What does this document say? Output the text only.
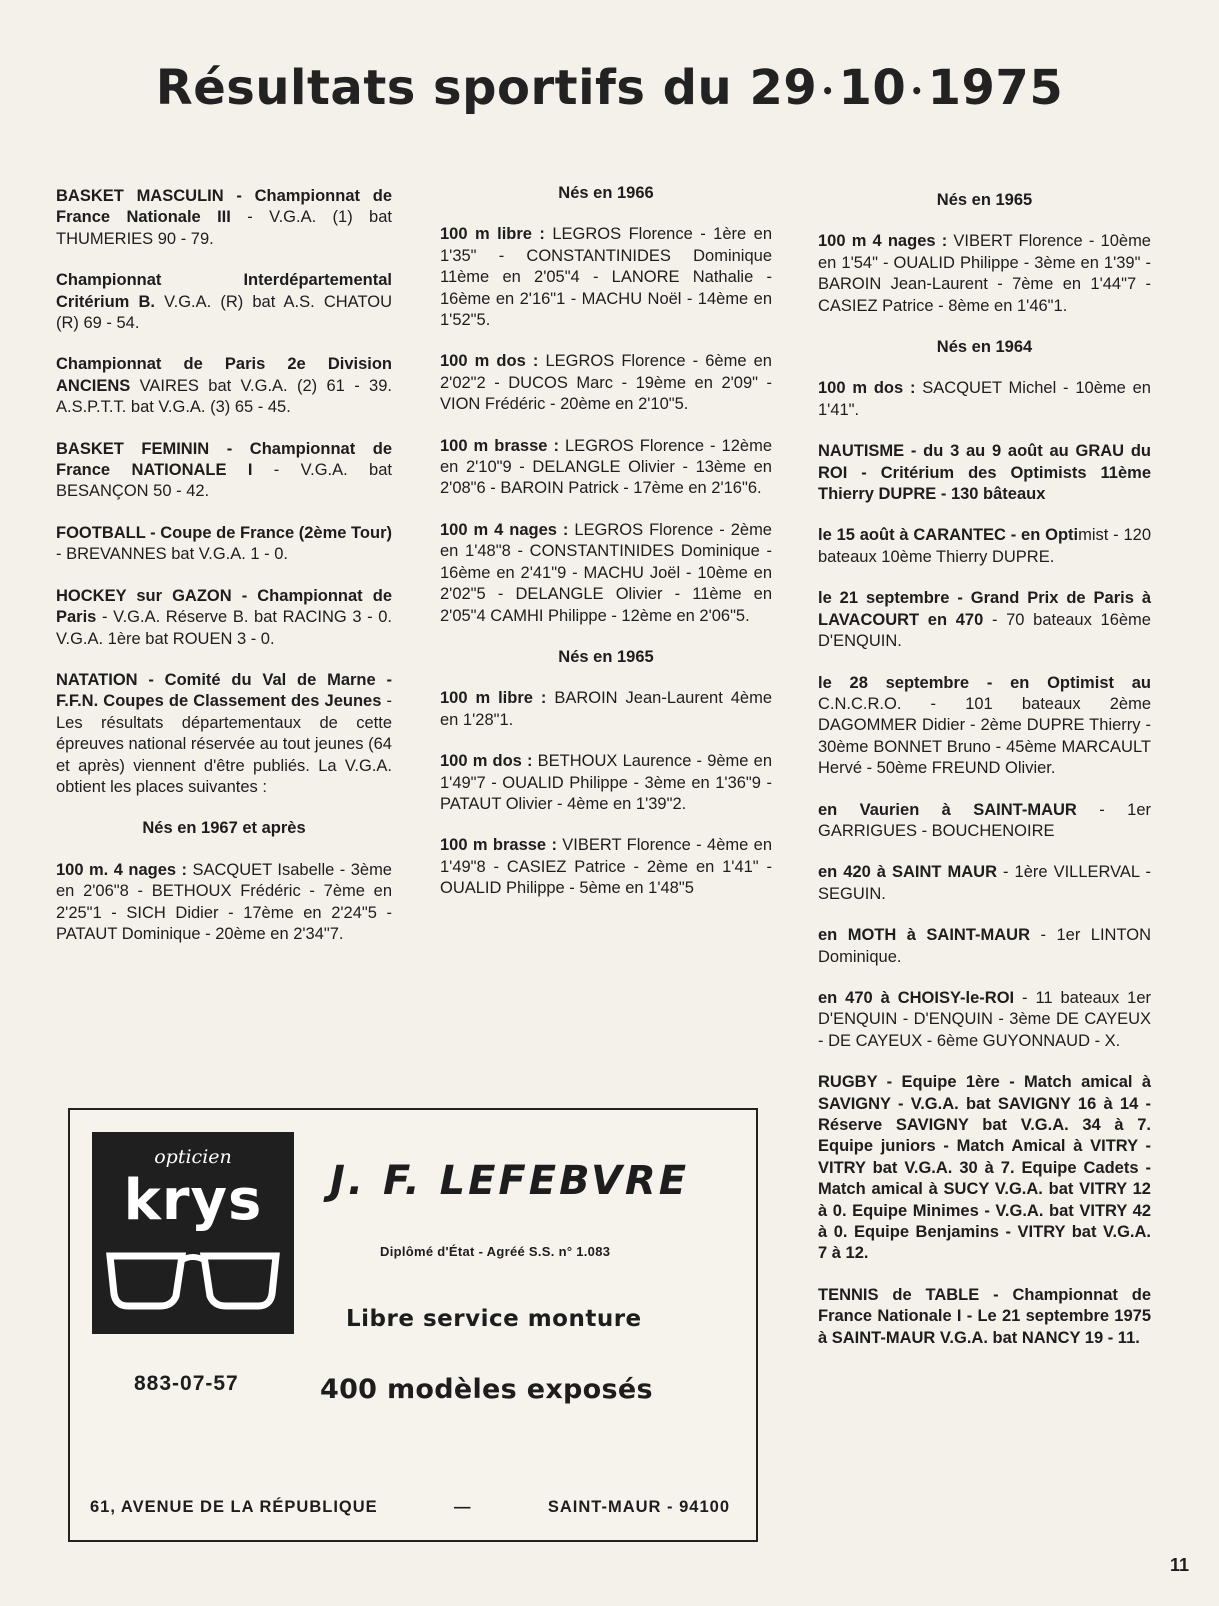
Résultats sportifs du 29 •10 •1975

BASKET MASCULIN - Championnat de France Nationale III - V.G.A. (1) bat THUMERIES 90 - 79.

Championnat Interdépartemental Critérium B. V.G.A. (R) bat A.S. CHATOU (R) 69 - 54.

Championnat de Paris 2e Division ANCIENS VAIRES bat V.G.A. (2) 61 - 39. A.S.P.T.T. bat V.G.A. (3) 65 - 45.

BASKET FEMININ - Championnat de France NATIONALE I - V.G.A. bat BESANÇON 50 - 42.

FOOTBALL - Coupe de France (2ème Tour) - BREVANNES bat V.G.A. 1 - 0.

HOCKEY sur GAZON - Championnat de Paris - V.G.A. Réserve B. bat RACING 3 - 0. V.G.A. 1ère bat ROUEN 3 - 0.

NATATION - Comité du Val de Marne - F.F.N. Coupes de Classement des Jeunes - Les résultats départementaux de cette épreuves national réservée au tout jeunes (64 et après) viennent d'être publiés. La V.G.A. obtient les places suivantes :

Nés en 1967 et après

100 m. 4 nages : SACQUET Isabelle - 3ème en 2'06"8 - BETHOUX Frédéric - 7ème en 2'25"1 - SICH Didier - 17ème en 2'24"5 - PATAUT Dominique - 20ème en 2'34"7.

Nés en 1966

100 m libre : LEGROS Florence - 1ère en 1'35" - CONSTANTINIDES Dominique 11ème en 2'05"4 - LANORE Nathalie - 16ème en 2'16"1 - MACHU Noël - 14ème en 1'52"5.

100 m dos : LEGROS Florence - 6ème en 2'02"2 - DUCOS Marc - 19ème en 2'09" - VION Frédéric - 20ème en 2'10"5.

100 m brasse : LEGROS Florence - 12ème en 2'10"9 - DELANGLE Olivier - 13ème en 2'08"6 - BAROIN Patrick - 17ème en 2'16"6.

100 m 4 nages : LEGROS Florence - 2ème en 1'48"8 - CONSTANTINIDES Dominique - 16ème en 2'41"9 - MACHU Joël - 10ème en 2'02"5 - DELANGLE Olivier - 11ème en 2'05"4 CAMHI Philippe - 12ème en 2'06"5.

Nés en 1965

100 m libre : BAROIN Jean-Laurent 4ème en 1'28"1.

100 m dos : BETHOUX Laurence - 9ème en 1'49"7 - OUALID Philippe - 3ème en 1'36"9 - PATAUT Olivier - 4ème en 1'39"2.

100 m brasse : VIBERT Florence - 4ème en 1'49"8 - CASIEZ Patrice - 2ème en 1'41" - OUALID Philippe - 5ème en 1'48"5

Nés en 1965

100 m 4 nages : VIBERT Florence - 10ème en 1'54" - OUALID Philippe - 3ème en 1'39" - BAROIN Jean-Laurent - 7ème en 1'44"7 - CASIEZ Patrice - 8ème en 1'46"1.

Nés en 1964

100 m dos : SACQUET Michel - 10ème en 1'41".

NAUTISME - du 3 au 9 août au GRAU du ROI - Critérium des Optimists 11ème Thierry DUPRE - 130 bâteaux

le 15 août à CARANTEC - en Optimist - 120 bateaux 10ème Thierry DUPRE.

le 21 septembre - Grand Prix de Paris à LAVACOURT en 470 - 70 bateaux 16ème D'ENQUIN.

le 28 septembre - en Optimist au C.N.C.R.O. - 101 bateaux 2ème DAGOMMER Didier - 2ème DUPRE Thierry - 30ème BONNET Bruno - 45ème MARCAULT Hervé - 50ème FREUND Olivier.

en Vaurien à SAINT-MAUR - 1er GARRIGUES - BOUCHENOIRE

en 420 à SAINT MAUR - 1ère VILLERVAL - SEGUIN.

en MOTH à SAINT-MAUR - 1er LINTON Dominique.

en 470 à CHOISY-le-ROI - 11 bateaux 1er D'ENQUIN - D'ENQUIN - 3ème DE CAYEUX - DE CAYEUX - 6ème GUYONNAUD - X.

RUGBY - Equipe 1ère - Match amical à SAVIGNY - V.G.A. bat SAVIGNY 16 à 14 - Réserve SAVIGNY bat V.G.A. 34 à 7. Equipe juniors - Match Amical à VITRY - VITRY bat V.G.A. 30 à 7. Equipe Cadets - Match amical à SUCY V.G.A. bat VITRY 12 à 0. Equipe Minimes - V.G.A. bat VITRY 42 à 0. Equipe Benjamins - VITRY bat V.G.A. 7 à 12.

TENNIS de TABLE - Championnat de France Nationale I - Le 21 septembre 1975 à SAINT-MAUR V.G.A. bat NANCY 19 - 11.

opticien
krys
883-07-57
J. F. LEFEBVRE
Diplômé d'État - Agréé S.S. n° 1.083
Libre service monture
400 modèles exposés
61, AVENUE DE LA RÉPUBLIQUE	—	SAINT-MAUR - 94100
11
